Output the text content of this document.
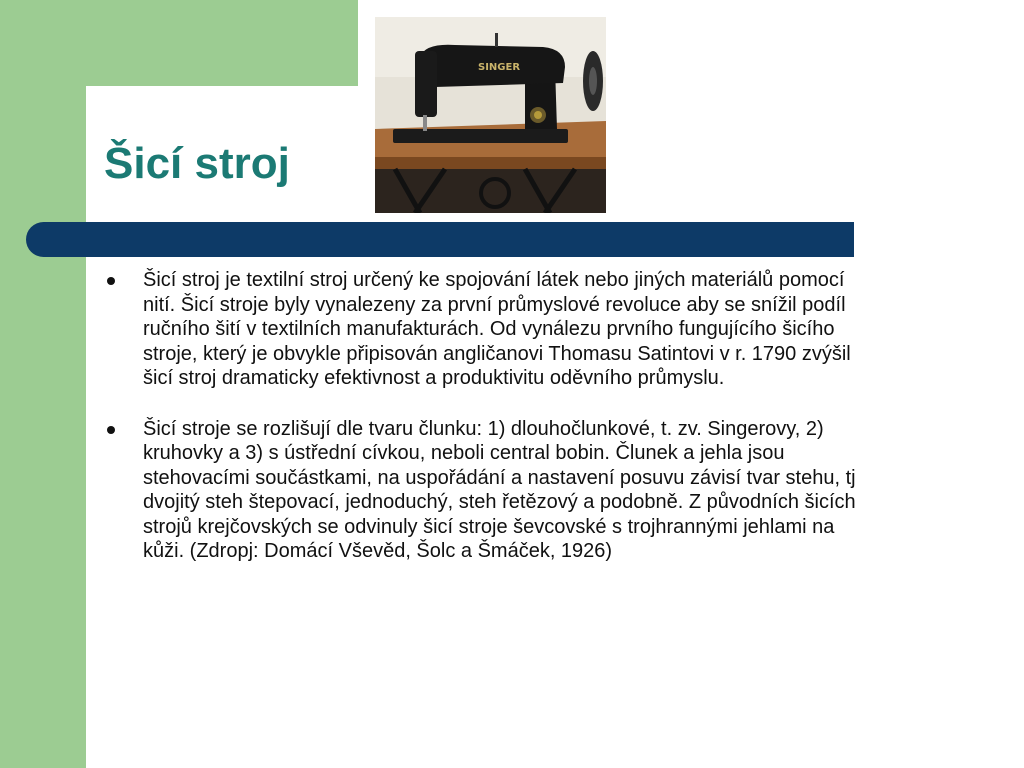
Šicí stroj
SINGER
Šicí stroj je textilní stroj určený ke spojování látek nebo jiných materiálů pomocí nití. Šicí stroje byly vynalezeny za první průmyslové revoluce aby se snížil podíl ručního šití v textilních manufakturách. Od vynálezu prvního fungujícího šicího stroje, který je obvykle připisován angličanovi Thomasu Satintovi v r. 1790 zvýšil šicí stroj dramaticky efektivnost a produktivitu oděvního průmyslu.
Šicí stroje se rozlišují dle tvaru člunku: 1) dlouhočlunkové, t. zv. Singerovy, 2) kruhovky a 3) s ústřední cívkou, neboli central bobin. Člunek a jehla jsou stehovacími součástkami, na uspořádání a nastavení posuvu závisí tvar stehu, tj dvojitý steh štepovací, jednoduchý, steh řetězový a podobně. Z původních šicích strojů krejčovských se odvinuly šicí stroje ševcovské s trojhrannými jehlami na kůži. (Zdropj: Domácí Vševěd, Šolc a Šmáček, 1926)
